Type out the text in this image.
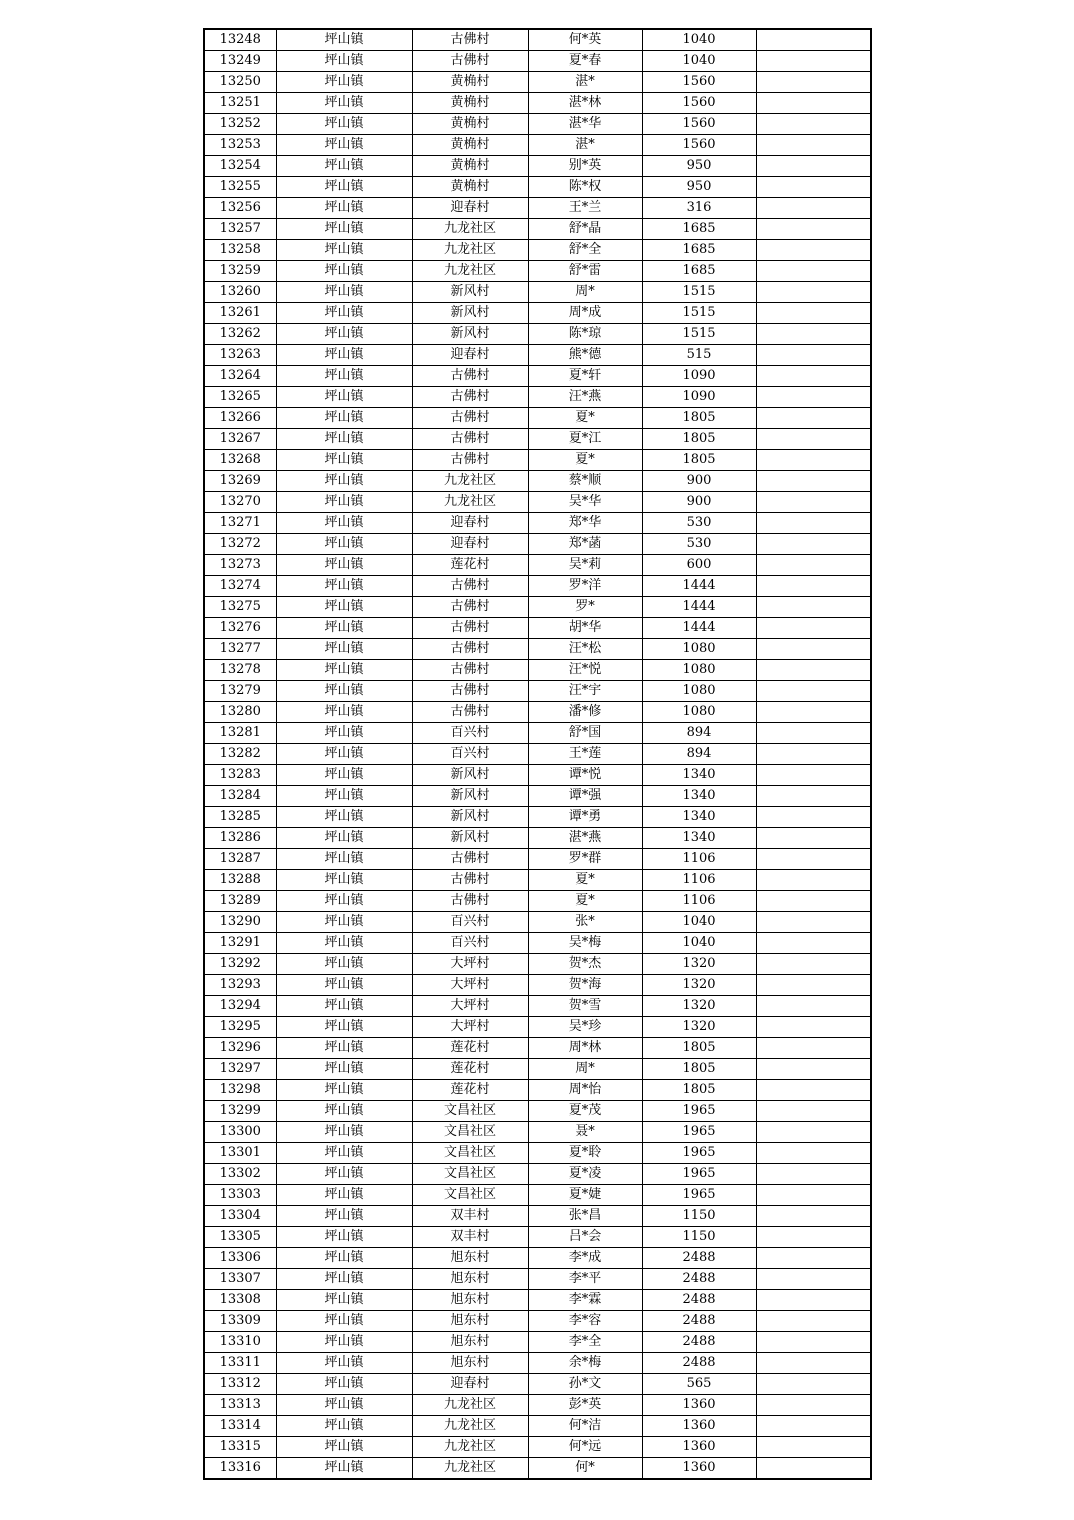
13248	坪山镇	古佛村	何*英	1040	
13249	坪山镇	古佛村	夏*春	1040	
13250	坪山镇	黄桷村	湛*	1560	
13251	坪山镇	黄桷村	湛*林	1560	
13252	坪山镇	黄桷村	湛*华	1560	
13253	坪山镇	黄桷村	湛*	1560	
13254	坪山镇	黄桷村	别*英	950	
13255	坪山镇	黄桷村	陈*权	950	
13256	坪山镇	迎春村	王*兰	316	
13257	坪山镇	九龙社区	舒*晶	1685	
13258	坪山镇	九龙社区	舒*全	1685	
13259	坪山镇	九龙社区	舒*雷	1685	
13260	坪山镇	新风村	周*	1515	
13261	坪山镇	新风村	周*成	1515	
13262	坪山镇	新风村	陈*琼	1515	
13263	坪山镇	迎春村	熊*德	515	
13264	坪山镇	古佛村	夏*轩	1090	
13265	坪山镇	古佛村	汪*燕	1090	
13266	坪山镇	古佛村	夏*	1805	
13267	坪山镇	古佛村	夏*江	1805	
13268	坪山镇	古佛村	夏*	1805	
13269	坪山镇	九龙社区	蔡*顺	900	
13270	坪山镇	九龙社区	吴*华	900	
13271	坪山镇	迎春村	郑*华	530	
13272	坪山镇	迎春村	郑*菡	530	
13273	坪山镇	莲花村	吴*莉	600	
13274	坪山镇	古佛村	罗*洋	1444	
13275	坪山镇	古佛村	罗*	1444	
13276	坪山镇	古佛村	胡*华	1444	
13277	坪山镇	古佛村	汪*松	1080	
13278	坪山镇	古佛村	汪*悦	1080	
13279	坪山镇	古佛村	汪*宇	1080	
13280	坪山镇	古佛村	潘*修	1080	
13281	坪山镇	百兴村	舒*国	894	
13282	坪山镇	百兴村	王*莲	894	
13283	坪山镇	新风村	谭*悦	1340	
13284	坪山镇	新风村	谭*强	1340	
13285	坪山镇	新风村	谭*勇	1340	
13286	坪山镇	新风村	湛*燕	1340	
13287	坪山镇	古佛村	罗*群	1106	
13288	坪山镇	古佛村	夏*	1106	
13289	坪山镇	古佛村	夏*	1106	
13290	坪山镇	百兴村	张*	1040	
13291	坪山镇	百兴村	吴*梅	1040	
13292	坪山镇	大坪村	贺*杰	1320	
13293	坪山镇	大坪村	贺*海	1320	
13294	坪山镇	大坪村	贺*雪	1320	
13295	坪山镇	大坪村	吴*珍	1320	
13296	坪山镇	莲花村	周*林	1805	
13297	坪山镇	莲花村	周*	1805	
13298	坪山镇	莲花村	周*怡	1805	
13299	坪山镇	文昌社区	夏*茂	1965	
13300	坪山镇	文昌社区	聂*	1965	
13301	坪山镇	文昌社区	夏*聆	1965	
13302	坪山镇	文昌社区	夏*凌	1965	
13303	坪山镇	文昌社区	夏*婕	1965	
13304	坪山镇	双丰村	张*昌	1150	
13305	坪山镇	双丰村	吕*会	1150	
13306	坪山镇	旭东村	李*成	2488	
13307	坪山镇	旭东村	李*平	2488	
13308	坪山镇	旭东村	李*霖	2488	
13309	坪山镇	旭东村	李*容	2488	
13310	坪山镇	旭东村	李*全	2488	
13311	坪山镇	旭东村	余*梅	2488	
13312	坪山镇	迎春村	孙*文	565	
13313	坪山镇	九龙社区	彭*英	1360	
13314	坪山镇	九龙社区	何*洁	1360	
13315	坪山镇	九龙社区	何*远	1360	
13316	坪山镇	九龙社区	何*	1360	
